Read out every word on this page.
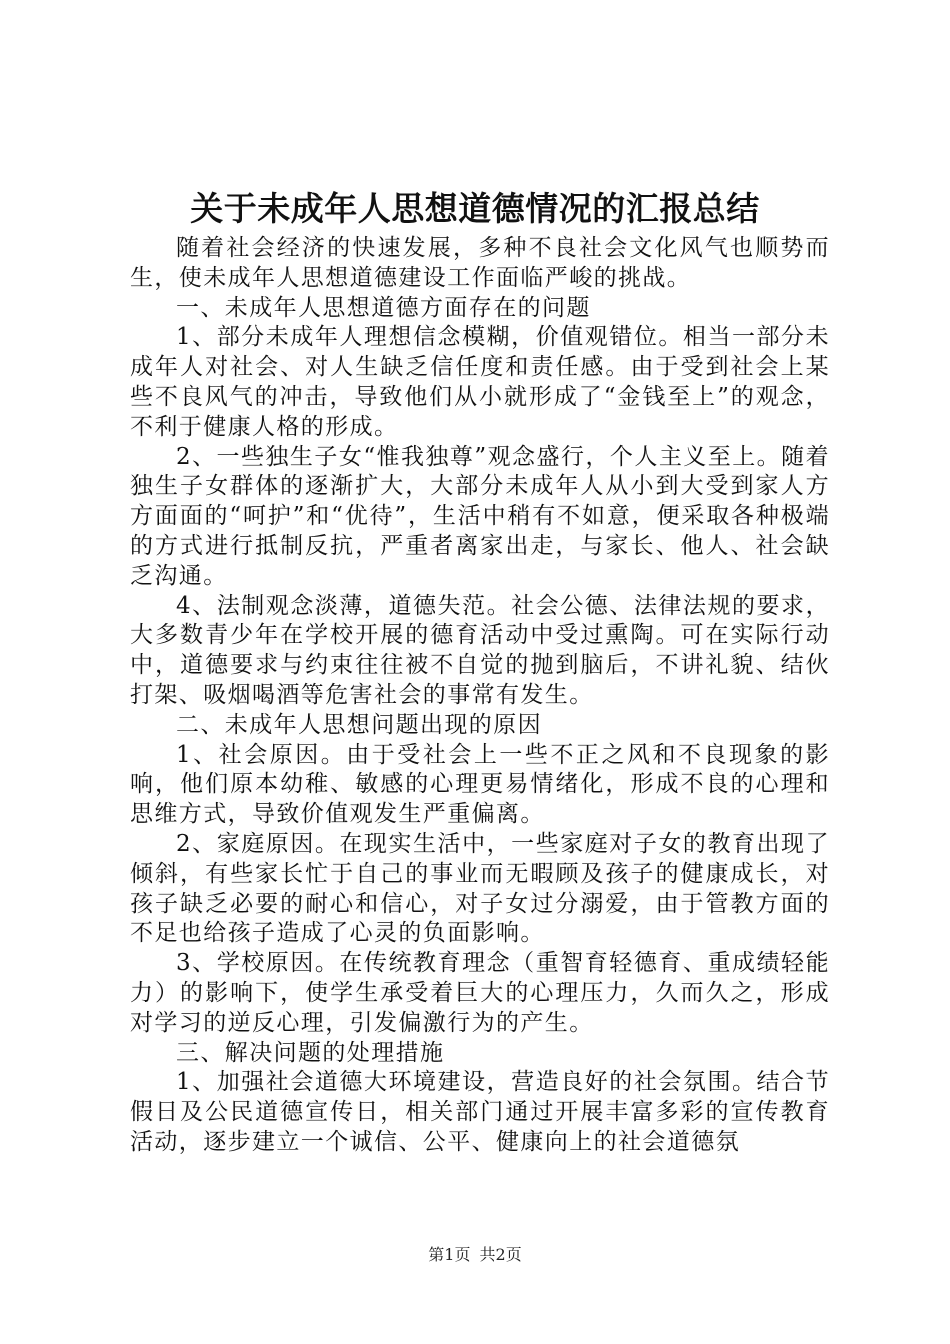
关于未成年人思想道德情况的汇报总结

随着社会经济的快速发展，多种不良社会文化风气也顺势而生，使未成年人思想道德建设工作面临严峻的挑战。

一、未成年人思想道德方面存在的问题

1、部分未成年人理想信念模糊，价值观错位。相当一部分未成年人对社会、对人生缺乏信任度和责任感。由于受到社会上某些不良风气的冲击，导致他们从小就形成了“金钱至上”的观念，不利于健康人格的形成。

2、一些独生子女“惟我独尊”观念盛行，个人主义至上。随着独生子女群体的逐渐扩大，大部分未成年人从小到大受到家人方方面面的“呵护”和“优待”，生活中稍有不如意，便采取各种极端的方式进行抵制反抗，严重者离家出走，与家长、他人、社会缺乏沟通。

4、法制观念淡薄，道德失范。社会公德、法律法规的要求，大多数青少年在学校开展的德育活动中受过熏陶。可在实际行动中，道德要求与约束往往被不自觉的抛到脑后，不讲礼貌、结伙打架、吸烟喝酒等危害社会的事常有发生。

二、未成年人思想问题出现的原因

1、社会原因。由于受社会上一些不正之风和不良现象的影响，他们原本幼稚、敏感的心理更易情绪化，形成不良的心理和思维方式，导致价值观发生严重偏离。

2、家庭原因。在现实生活中，一些家庭对子女的教育出现了倾斜，有些家长忙于自己的事业而无暇顾及孩子的健康成长，对孩子缺乏必要的耐心和信心，对子女过分溺爱，由于管教方面的不足也给孩子造成了心灵的负面影响。

3、学校原因。在传统教育理念（重智育轻德育、重成绩轻能力）的影响下，使学生承受着巨大的心理压力，久而久之，形成对学习的逆反心理，引发偏激行为的产生。

三、解决问题的处理措施

1、加强社会道德大环境建设，营造良好的社会氛围。结合节假日及公民道德宣传日，相关部门通过开展丰富多彩的宣传教育活动，逐步建立一个诚信、公平、健康向上的社会道德氛

第1页 共2页
